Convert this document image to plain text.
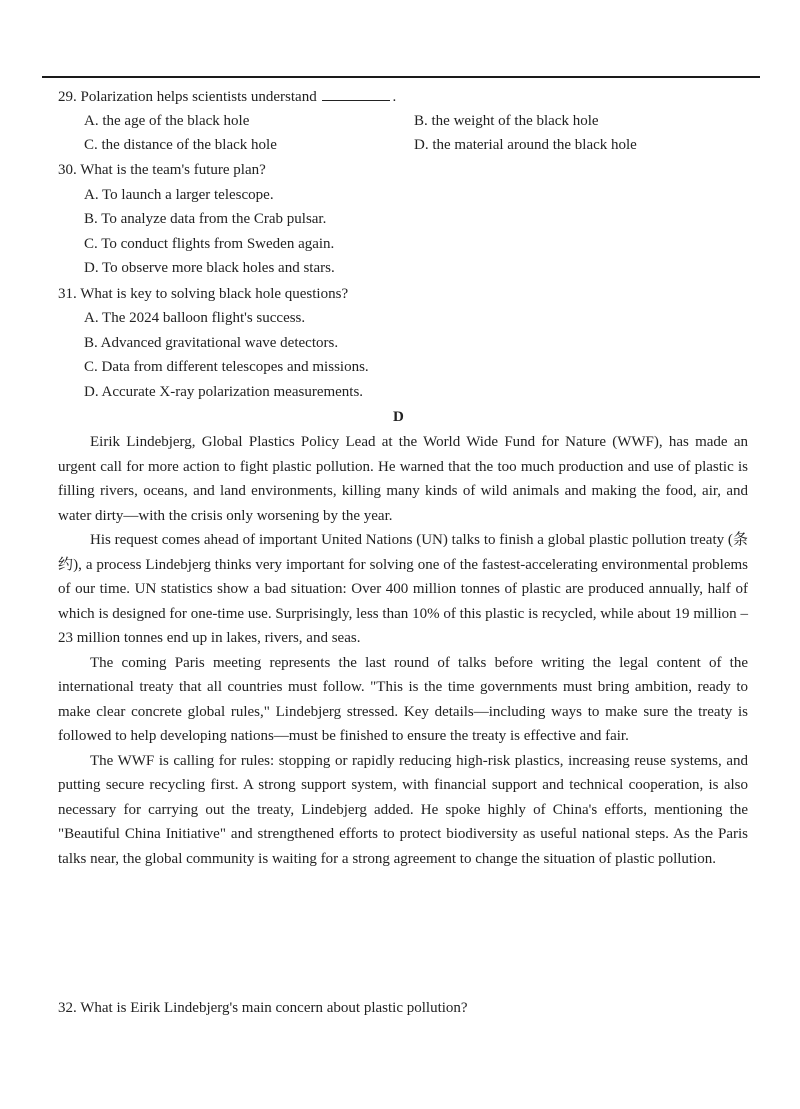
29. Polarization helps scientists understand	.
A. the age of the black hole	B. the weight of the black hole
C. the distance of the black hole	D. the material around the black hole
30. What is the team's future plan?
A. To launch a larger telescope.
B. To analyze data from the Crab pulsar.
C. To conduct flights from Sweden again.
D. To observe more black holes and stars.
31. What is key to solving black hole questions?
A. The 2024 balloon flight's success.
B. Advanced gravitational wave detectors.
C. Data from different telescopes and missions.
D. Accurate X-ray polarization measurements.
D

Eirik Lindebjerg, Global Plastics Policy Lead at the World Wide Fund for Nature (WWF), has made an urgent call for more action to fight plastic pollution. He warned that the too much production and use of plastic is filling rivers, oceans, and land environments, killing many kinds of wild animals and making the food, air, and water dirty—with the crisis only worsening by the year.

His request comes ahead of important United Nations (UN) talks to finish a global plastic pollution treaty (条约), a process Lindebjerg thinks very important for solving one of the fastest-accelerating environmental problems of our time. UN statistics show a bad situation: Over 400 million tonnes of plastic are produced annually, half of which is designed for one-time use. Surprisingly, less than 10% of this plastic is recycled, while about 19 million –23 million tonnes end up in lakes, rivers, and seas.

The coming Paris meeting represents the last round of talks before writing the legal content of the international treaty that all countries must follow. "This is the time governments must bring ambition, ready to make clear concrete global rules," Lindebjerg stressed. Key details—including ways to make sure the treaty is followed to help developing nations—must be finished to ensure the treaty is effective and fair.

The WWF is calling for rules: stopping or rapidly reducing high-risk plastics, increasing reuse systems, and putting secure recycling first. A strong support system, with financial support and technical cooperation, is also necessary for carrying out the treaty, Lindebjerg added. He spoke highly of China's efforts, mentioning the "Beautiful China Initiative" and strengthened efforts to protect biodiversity as useful national steps. As the Paris talks near, the global community is waiting for a strong agreement to change the situation of plastic pollution.

32. What is Eirik Lindebjerg's main concern about plastic pollution?
